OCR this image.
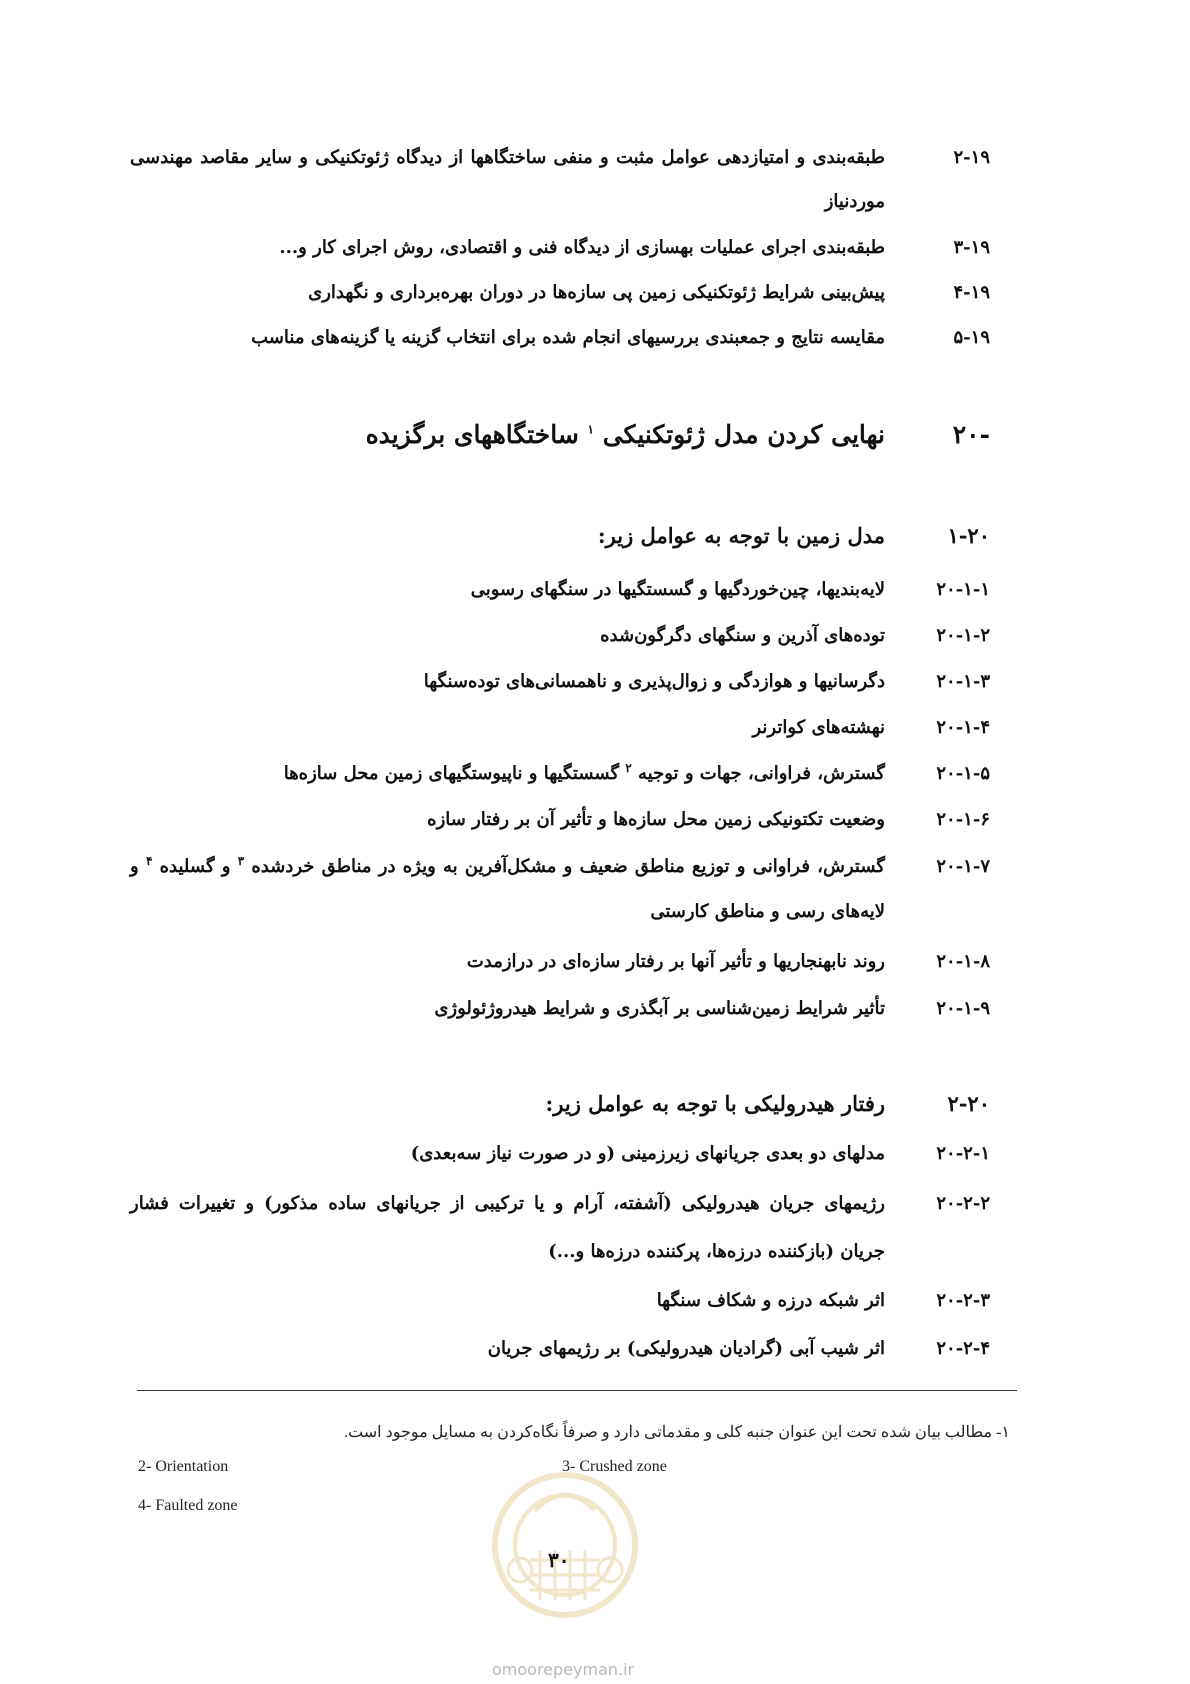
۲-۱۹
طبقه‌بندی و امتیازدهی عوامل مثبت و منفی ساختگاهها از دیدگاه ژئوتکنیکی و سایر مقاصد مهندسی
موردنیاز
۳-۱۹
طبقه‌بندی اجرای عملیات بهسازی از دیدگاه فنی و اقتصادی، روش اجرای کار و...
۴-۱۹
پیش‌بینی شرایط ژئوتکنیکی زمین پی سازه‌ها در دوران بهره‌برداری و نگهداری
۵-۱۹
مقایسه نتایج و جمعبندی بررسیهای انجام شده برای انتخاب گزینه یا گزینه‌های مناسب
-۲۰
نهایی کردن مدل ژئوتکنیکی $^۱$ ساختگاههای برگزیده
۱-۲۰
مدل زمین با توجه به عوامل زیر:
۲۰-۱-۱
لایه‌بندیها، چین‌خوردگیها و گسستگیها در سنگهای رسوبی
۲۰-۱-۲
توده‌های آذرین و سنگهای دگرگون‌شده
۲۰-۱-۳
دگرسانیها و هوازدگی و زوال‌پذیری و ناهمسانی‌های توده‌سنگها
۲۰-۱-۴
نهشته‌های کواترنر
۲۰-۱-۵
گسترش، فراوانی، جهات و توجیه $^۲$ گسستگیها و ناپیوستگیهای زمین محل سازه‌ها
۲۰-۱-۶
وضعیت تکتونیکی زمین محل سازه‌ها و تأثیر آن بر رفتار سازه
۲۰-۱-۷
گسترش، فراوانی و توزیع مناطق ضعیف و مشکل‌آفرین به ویژه در مناطق خردشده $^۳$ و گسلیده $^۴$ و
لایه‌های رسی و مناطق کارستی
۲۰-۱-۸
روند نابهنجاریها و تأثیر آنها بر رفتار سازه‌ای در درازمدت
۲۰-۱-۹
تأثیر شرایط زمین‌شناسی بر آبگذری و شرایط هیدروژئولوژی
۲-۲۰
رفتار هیدرولیکی با توجه به عوامل زیر:
۲۰-۲-۱
مدلهای دو بعدی جریانهای زیرزمینی (و در صورت نیاز سه‌بعدی)
۲۰-۲-۲
رژیمهای جریان هیدرولیکی (آشفته، آرام و یا ترکیبی از جریانهای ساده مذکور) و تغییرات فشار
جریان (بازکننده درزه‌ها، پرکننده درزه‌ها و...)
۲۰-۲-۳
اثر شبکه درزه و شکاف سنگها
۲۰-۲-۴
اثر شیب آبی (گرادیان هیدرولیکی) بر رژیمهای جریان
۱- مطالب بیان شده تحت این عنوان جنبه کلی و مقدماتی دارد و صرفاً نگاه‌کردن به مسایل موجود است.
2- Orientation	3- Crushed zone
4- Faulted zone
۳۰
omoorepeyman.ir
